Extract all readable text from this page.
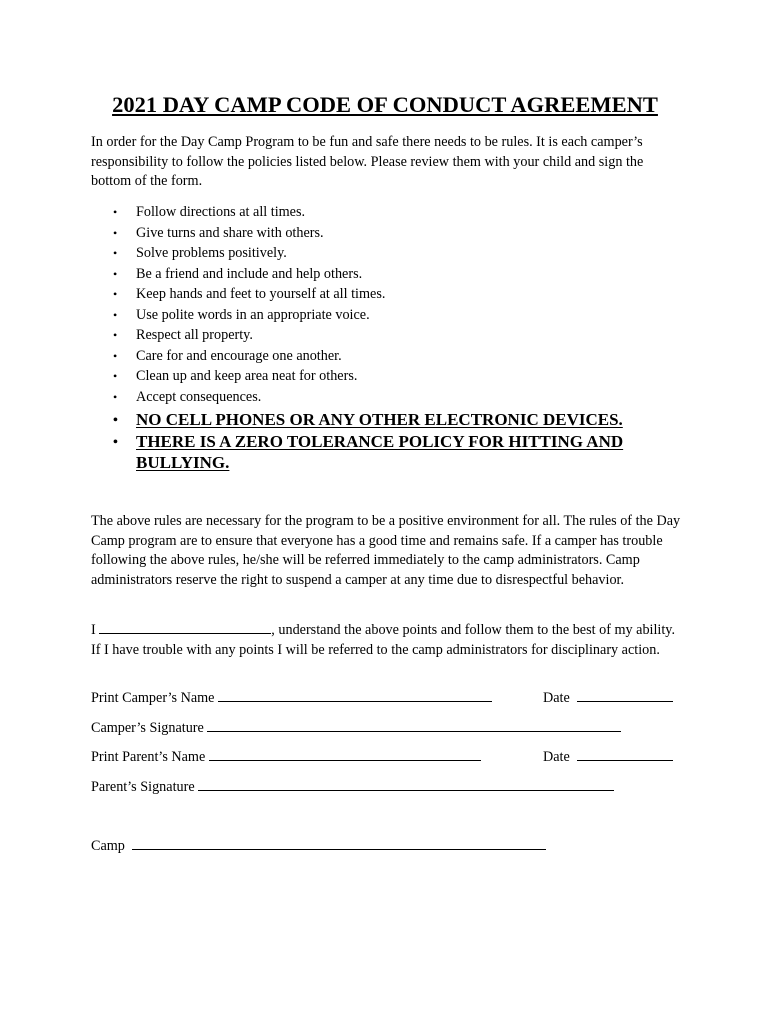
2021 DAY CAMP CODE OF CONDUCT AGREEMENT

In order for the Day Camp Program to be fun and safe there needs to be rules. It is each camper’s responsibility to follow the policies listed below. Please review them with your child and sign the bottom of the form.

• Follow directions at all times.
• Give turns and share with others.
• Solve problems positively.
• Be a friend and include and help others.
• Keep hands and feet to yourself at all times.
• Use polite words in an appropriate voice.
• Respect all property.
• Care for and encourage one another.
• Clean up and keep area neat for others.
• Accept consequences.
• NO CELL PHONES OR ANY OTHER ELECTRONIC DEVICES.
• THERE IS A ZERO TOLERANCE POLICY FOR HITTING AND BULLYING.

The above rules are necessary for the program to be a positive environment for all. The rules of the Day Camp program are to ensure that everyone has a good time and remains safe. If a camper has trouble following the above rules, he/she will be referred immediately to the camp administrators. Camp administrators reserve the right to suspend a camper at any time due to disrespectful behavior.

I	, understand the above points and follow them to the best of my ability. If I have trouble with any points I will be referred to the camp administrators for disciplinary action.

Print Camper’s Name	Date
Camper’s Signature
Print Parent’s Name	Date
Parent’s Signature
Camp
